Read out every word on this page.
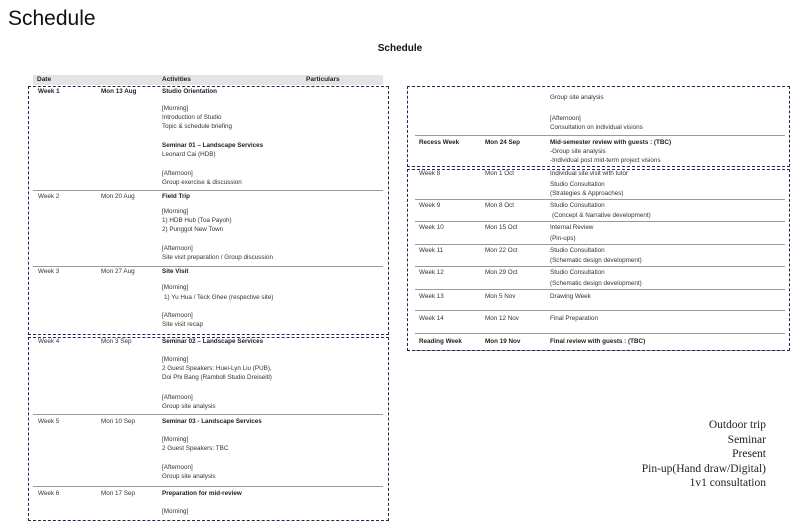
Schedule
Schedule
Date	Activities	Particulars
Week 1	Mon 13 Aug	Studio Orientation
[Morning]
Introduction of Studio
Topic & schedule briefing
Seminar 01 – Landscape Services
Leonard Cai (HDB)
[Afternoon]
Group exercise & discussion
Week 2	Mon 20 Aug	Field Trip
[Morning]
1) HDB Hub (Toa Payoh)
2) Punggol New Town
[Afternoon]
Site visit preparation / Group discussion
Week 3	Mon 27 Aug	Site Visit
[Morning]
1) Yu Hua / Teck Ghee (respective site)
[Afternoon]
Site visit recap
Week 4	Mon 3 Sep	Seminar 02 – Landscape Services
[Morning]
2 Guest Speakers: Huei-Lyn Liu (PUB),
Doi Phi Bang (Ramboll Studio Dreiseitl)
[Afternoon]
Group site analysis
Week 5	Mon 10 Sep	Seminar 03 - Landscape Services
[Morning]
2 Guest Speakers: TBC
[Afternoon]
Group site analysis
Week 6	Mon 17 Sep	Preparation for mid-review
[Morning]
Group site analysis
[Afternoon]
Consultation on individual visions
Recess Week	Mon 24 Sep	Mid-semester review with guests : (TBC)
-Group site analysis
-Individual post mid-term project visions
Week 8	Mon 1 Oct	Individual site visit with tutor
Studio Consultation
(Strategies & Approaches)
Week 9	Mon 8 Oct	Studio Consultation
(Concept & Narrative development)
Week 10	Mon 15 Oct	Internal Review
(Pin-ups)
Week 11	Mon 22 Oct	Studio Consultation
(Schematic design development)
Week 12	Mon 29 Oct	Studio Consultation
(Schematic design development)
Week 13	Mon 5 Nov	Drawing Week
Week 14	Mon 12 Nov	Final Preparation
Reading Week	Mon 19 Nov	Final review with guests : (TBC)
Outdoor trip
Seminar
Present
Pin-up(Hand draw/Digital)
1v1 consultation
